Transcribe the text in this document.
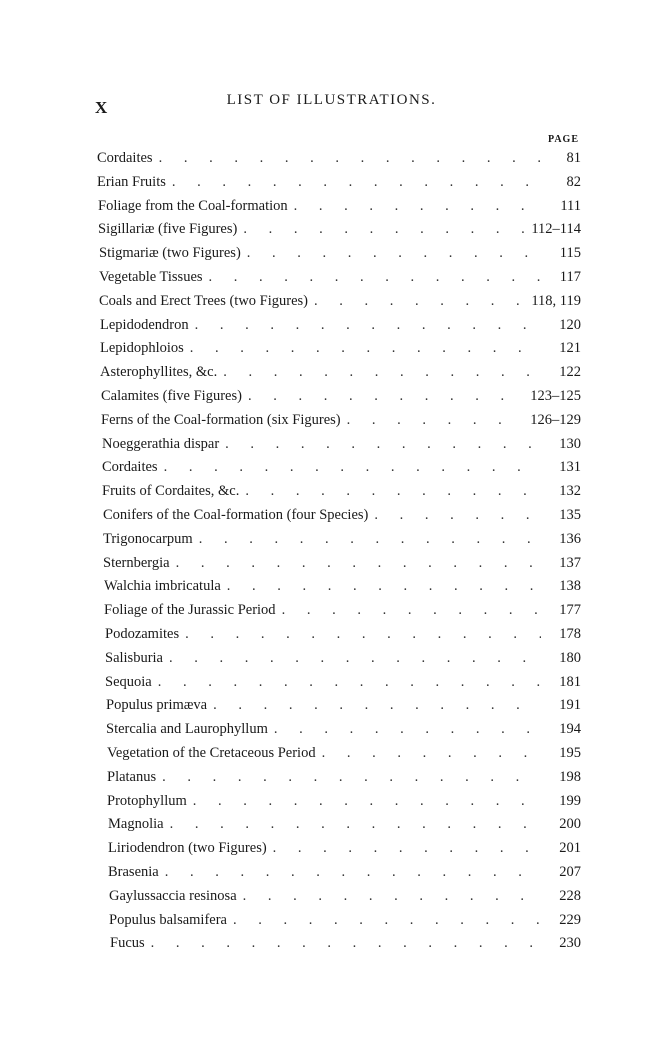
X	LIST OF ILLUSTRATIONS.
PAGE
Cordaites . . .	81
Erian Fruits . . .	82
Foliage from the Coal-formation . . .	111
Sigillariæ (five Figures) . . .	112–114
Stigmariæ (two Figures) . . .	115
Vegetable Tissues . . .	117
Coals and Erect Trees (two Figures) . . .	118, 119
Lepidodendron . . .	120
Lepidophloios . . .	121
Asterophyllites, &c. . . .	122
Calamites (five Figures) . . .	123–125
Ferns of the Coal-formation (six Figures) . . .	126–129
Noeggerathia dispar . . .	130
Cordaites . . .	131
Fruits of Cordaites, &c. . . .	132
Conifers of the Coal-formation (four Species) . . .	135
Trigonocarpum . . .	136
Sternbergia . . .	137
Walchia imbricatula . . .	138
Foliage of the Jurassic Period . . .	177
Podozamites . . .	178
Salisburia . . .	180
Sequoia . . .	181
Populus primæva . . .	191
Stercalia and Laurophyllum . . .	194
Vegetation of the Cretaceous Period . . .	195
Platanus . . .	198
Protophyllum . . .	199
Magnolia . . .	200
Liriodendron (two Figures) . . .	201
Brasenia . . .	207
Gaylussaccia resinosa . . .	228
Populus balsamifera . . .	229
Fucus . . .	230
